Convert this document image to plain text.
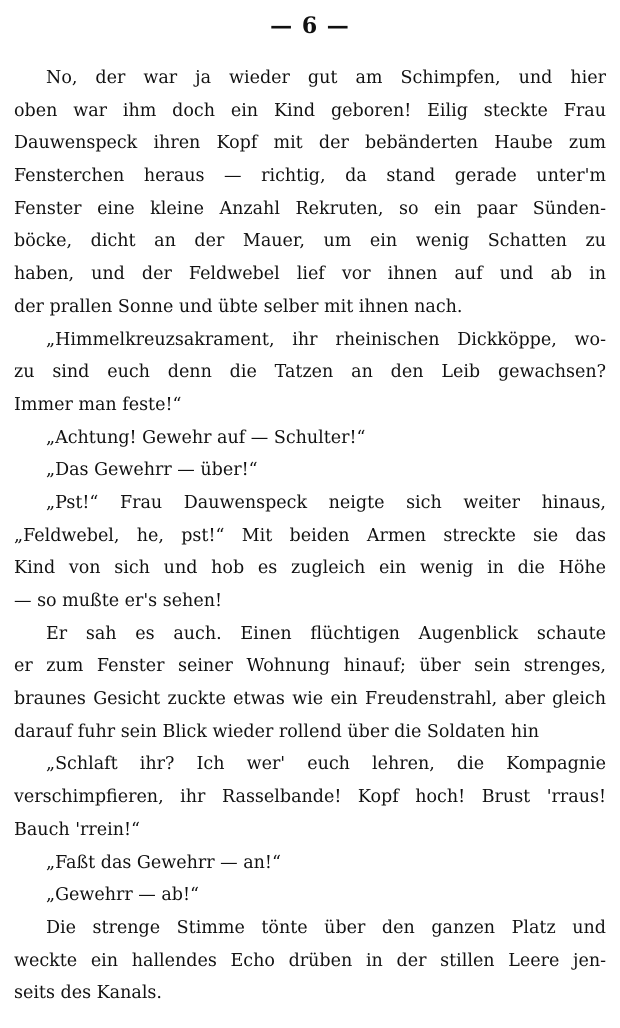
— 6 —
No, der war ja wieder gut am Schimpfen, und hier
oben war ihm doch ein Kind geboren! Eilig steckte Frau
Dauwenspeck ihren Kopf mit der bebänderten Haube zum
Fensterchen heraus — richtig, da stand gerade unter'm
Fenster eine kleine Anzahl Rekruten, so ein paar Sünden-
böcke, dicht an der Mauer, um ein wenig Schatten zu
haben, und der Feldwebel lief vor ihnen auf und ab in
der prallen Sonne und übte selber mit ihnen nach.
„Himmelkreuzsakrament, ihr rheinischen Dickköppe, wo-
zu sind euch denn die Tatzen an den Leib gewachsen?
Immer man feste!“
„Achtung! Gewehr auf — Schulter!“
„Das Gewehrr — über!“
„Pst!“ Frau Dauwenspeck neigte sich weiter hinaus,
„Feldwebel, he, pst!“ Mit beiden Armen streckte sie das
Kind von sich und hob es zugleich ein wenig in die Höhe
— so mußte er's sehen!
Er sah es auch. Einen flüchtigen Augenblick schaute
er zum Fenster seiner Wohnung hinauf; über sein strenges,
braunes Gesicht zuckte etwas wie ein Freudenstrahl, aber gleich
darauf fuhr sein Blick wieder rollend über die Soldaten hin
„Schlaft ihr? Ich wer' euch lehren, die Kompagnie
verschimpfieren, ihr Rasselbande! Kopf hoch! Brust 'rraus!
Bauch 'rrein!“
„Faßt das Gewehrr — an!“
„Gewehrr — ab!“
Die strenge Stimme tönte über den ganzen Platz und
weckte ein hallendes Echo drüben in der stillen Leere jen-
seits des Kanals.
